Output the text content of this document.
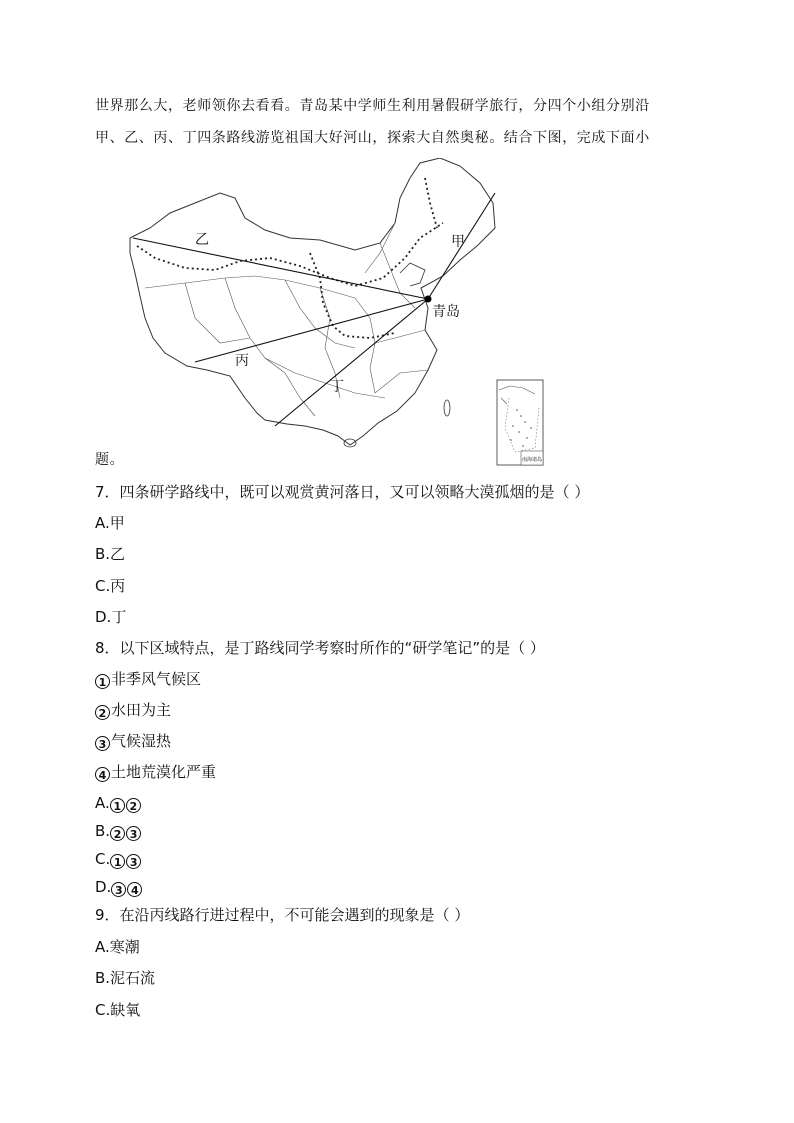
世界那么大，老师领你去看看。青岛某中学师生利用暑假研学旅行，分四个小组分别沿
甲、乙、丙、丁四条路线游览祖国大好河山，探索大自然奥秘。结合下图，完成下面小
甲
乙
丙
丁
青岛
南海诸岛
题。
7．四条研学路线中，既可以观赏黄河落日，又可以领略大漠孤烟的是（ ）
A.甲
B.乙
C.丙
D.丁
8．以下区域特点，是丁路线同学考察时所作的“研学笔记”的是（ ）
1 非季风气候区
2 水田为主
3 气候湿热
4 土地荒漠化严重
A. 1 2
B. 2 3
C. 1 3
D. 3 4
9．在沿丙线路行进过程中，不可能会遇到的现象是（ ）
A.寒潮
B.泥石流
C.缺氧
